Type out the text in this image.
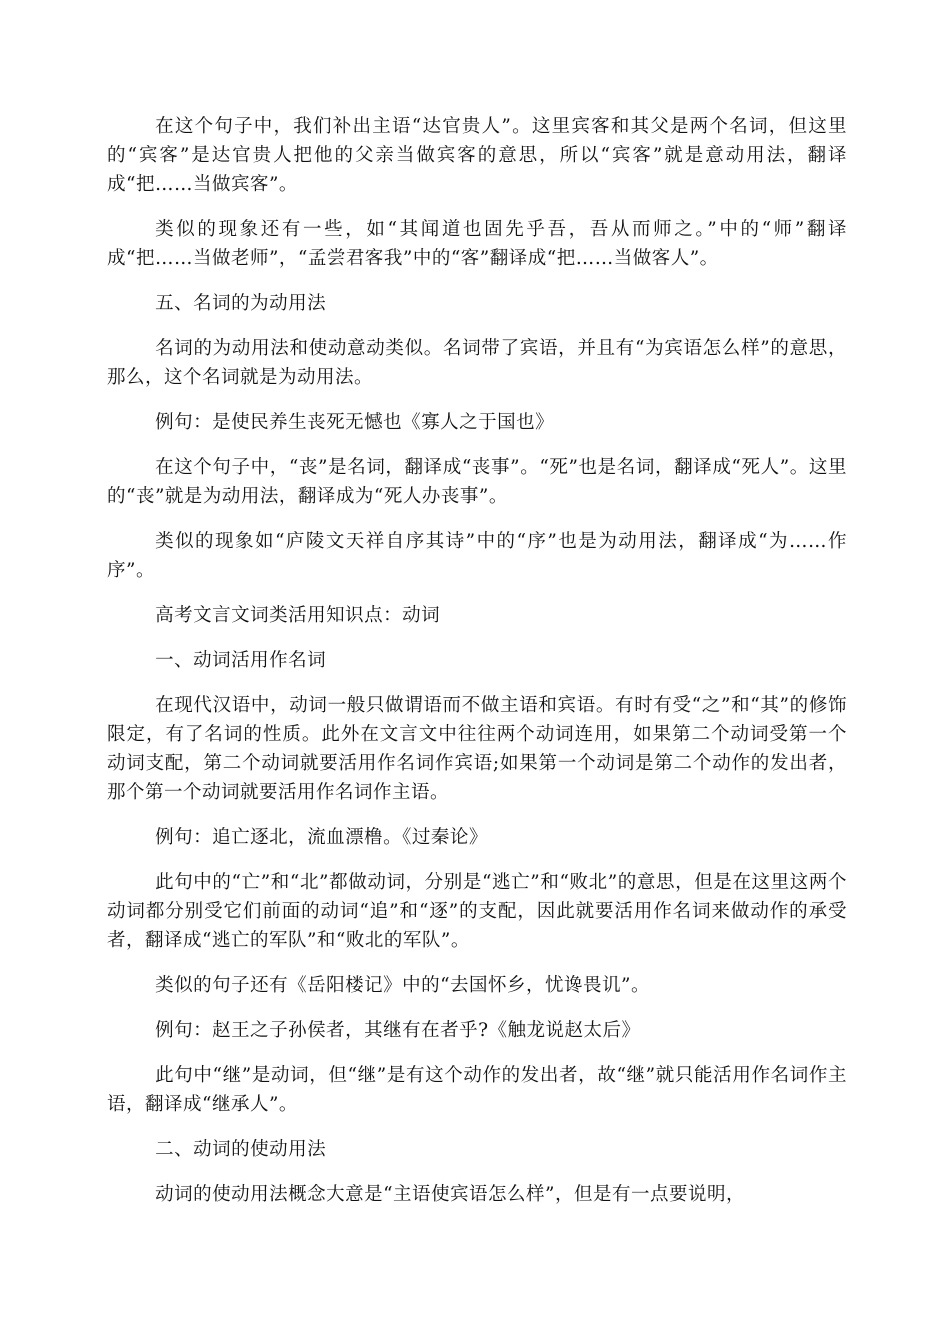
在这个句子中，我们补出主语“达官贵人”。这里宾客和其父是两个名词，但这里的“宾客”是达官贵人把他的父亲当做宾客的意思，所以“宾客”就是意动用法，翻译成“把……当做宾客”。

类似的现象还有一些，如“其闻道也固先乎吾，吾从而师之。”中的“师”翻译成“把……当做老师”，“孟尝君客我”中的“客”翻译成“把……当做客人”。

五、名词的为动用法

名词的为动用法和使动意动类似。名词带了宾语，并且有“为宾语怎么样”的意思，那么，这个名词就是为动用法。

例句：是使民养生丧死无憾也《寡人之于国也》

在这个句子中，“丧”是名词，翻译成“丧事”。“死”也是名词，翻译成“死人”。这里的“丧”就是为动用法，翻译成为“死人办丧事”。

类似的现象如“庐陵文天祥自序其诗”中的“序”也是为动用法，翻译成“为……作序”。

高考文言文词类活用知识点：动词

一、动词活用作名词

在现代汉语中，动词一般只做谓语而不做主语和宾语。有时有受“之”和“其”的修饰限定，有了名词的性质。此外在文言文中往往两个动词连用，如果第二个动词受第一个动词支配，第二个动词就要活用作名词作宾语;如果第一个动词是第二个动作的发出者，那个第一个动词就要活用作名词作主语。

例句：追亡逐北，流血漂橹。《过秦论》

此句中的“亡”和“北”都做动词，分别是“逃亡”和“败北”的意思，但是在这里这两个动词都分别受它们前面的动词“追”和“逐”的支配，因此就要活用作名词来做动作的承受者，翻译成“逃亡的军队”和“败北的军队”。

类似的句子还有《岳阳楼记》中的“去国怀乡，忧谗畏讥”。

例句：赵王之子孙侯者，其继有在者乎?《触龙说赵太后》

此句中“继”是动词，但“继”是有这个动作的发出者，故“继”就只能活用作名词作主语，翻译成“继承人”。

二、动词的使动用法

动词的使动用法概念大意是“主语使宾语怎么样”，但是有一点要说明，
